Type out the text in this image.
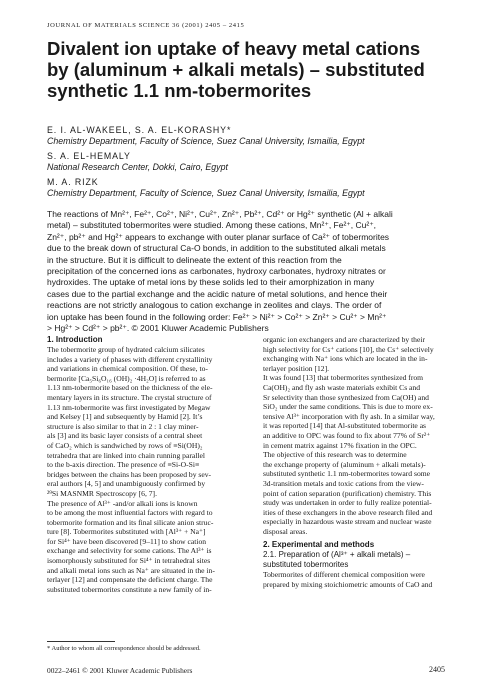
JOURNAL OF MATERIALS SCIENCE 36 (2001) 2405 – 2415
Divalent ion uptake of heavy metal cations
by (aluminum + alkali metals) – substituted
synthetic 1.1 nm-tobermorites
E. I. AL-WAKEEL, S. A. EL-KORASHY*
Chemistry Department, Faculty of Science, Suez Canal University, Ismailia, Egypt
S. A. EL-HEMALY
National Research Center, Dokki, Cairo, Egypt
M. A. RIZK
Chemistry Department, Faculty of Science, Suez Canal University, Ismailia, Egypt
The reactions of Mn²⁺, Fe²⁺, Co²⁺, Ni²⁺, Cu²⁺, Zn²⁺, Pb²⁺, Cd²⁺ or Hg²⁺ synthetic (Al + alkali
metal) – substituted tobermorites were studied. Among these cations, Mn²⁺, Fe²⁺, Cu²⁺,
Zn²⁺, pb²⁺ and Hg²⁺ appears to exchange with outer planar surface of Ca²⁺ of tobermorites
due to the break down of structural Ca-O bonds, in addition to the substituted alkali metals
in the structure. But it is difficult to delineate the extent of this reaction from the
precipitation of the concerned ions as carbonates, hydroxy carbonates, hydroxy nitrates or
hydroxides. The uptake of metal ions by these solids led to their amorphization in many
cases due to the partial exchange and the acidic nature of metal solutions, and hence their
reactions are not strictly analogous to cation exchange in zeolites and clays. The order of
ion uptake has been found in the following order: Fe²⁺ > Ni²⁺ > Co²⁺ > Zn²⁺ > Cu²⁺ > Mn²⁺
> Hg²⁺ > Cd²⁺ > pb²⁺. © 2001 Kluwer Academic Publishers
1. Introduction
The tobermorite group of hydrated calcium silicates
includes a variety of phases with different crystallinity
and variations in chemical composition. Of these, to-
bermorite [Ca₅Si₆O₁₆ (OH)₂ ·4H₂O] is referred to as
1.13 nm-tobermorite based on the thickness of the ele-
mentary layers in its structure. The crystal structure of
1.13 nm-tobermorite was first investigated by Megaw
and Kelsey [1] and subsequently by Hamid [2]. It’s
structure is also similar to that in 2 : 1 clay miner-
als [3] and its basic layer consists of a central sheet
of CaO₂ which is sandwiched by rows of ≡Si(OH)₂
tetrahedra that are linked into chain running parallel
to the b-axis direction. The presence of ≡Si-O-Si≡
bridges between the chains has been proposed by sev-
eral authors [4, 5] and unambiguously confirmed by
²⁹Si MASNMR Spectroscopy [6, 7].
The presence of Al³⁺ -and/or alkali ions is known
to be among the most influential factors with regard to
tobermorite formation and its final silicate anion struc-
ture [8]. Tobermorites substituted with [Al³⁺ + Na⁺]
for Si⁴⁺ have been discovered [9–11] to show cation
exchange and selectivity for some cations. The Al³⁺ is
isomorphously substituted for Si⁴⁺ in tetrahedral sites
and alkali metal ions such as Na⁺ are situated in the in-
terlayer [12] and compensate the deficient charge. The
substituted tobermorites constitute a new family of in-
organic ion exchangers and are characterized by their
high selectivity for Cs⁺ cations [10], the Cs⁺ selectively
exchanging with Na⁺ ions which are located in the in-
terlayer position [12].
It was found [13] that tobermorites synthesized from
Ca(OH)₂ and fly ash waste materials exhibit Cs and
Sr selectivity than those synthesized from Ca(OH) and
SiO₂ under the same conditions. This is due to more ex-
tensive Al³⁺ incorporation with fly ash. In a similar way,
it was reported [14] that Al-substituted tobermorite as
an additive to OPC was found to fix about 77% of Sr²⁺
in cement matrix against 17% fixation in the OPC.
The objective of this research was to determine
the exchange property of (aluminum + alkali metals)-
substituted synthetic 1.1 nm-tobermorites toward some
3d-transition metals and toxic cations from the view-
point of cation separation (purification) chemistry. This
study was undertaken in order to fully realize potential-
ities of these exchangers in the above research filed and
especially in hazardous waste stream and nuclear waste
disposal areas.
2. Experimental and methods
2.1. Preparation of (Al³⁺ + alkali metals) –
substituted tobermorites
Tobermorites of different chemical composition were
prepared by mixing stoichiometric amounts of CaO and
* Author to whom all correspondence should be addressed.
0022–2461 © 2001 Kluwer Academic Publishers	2405
